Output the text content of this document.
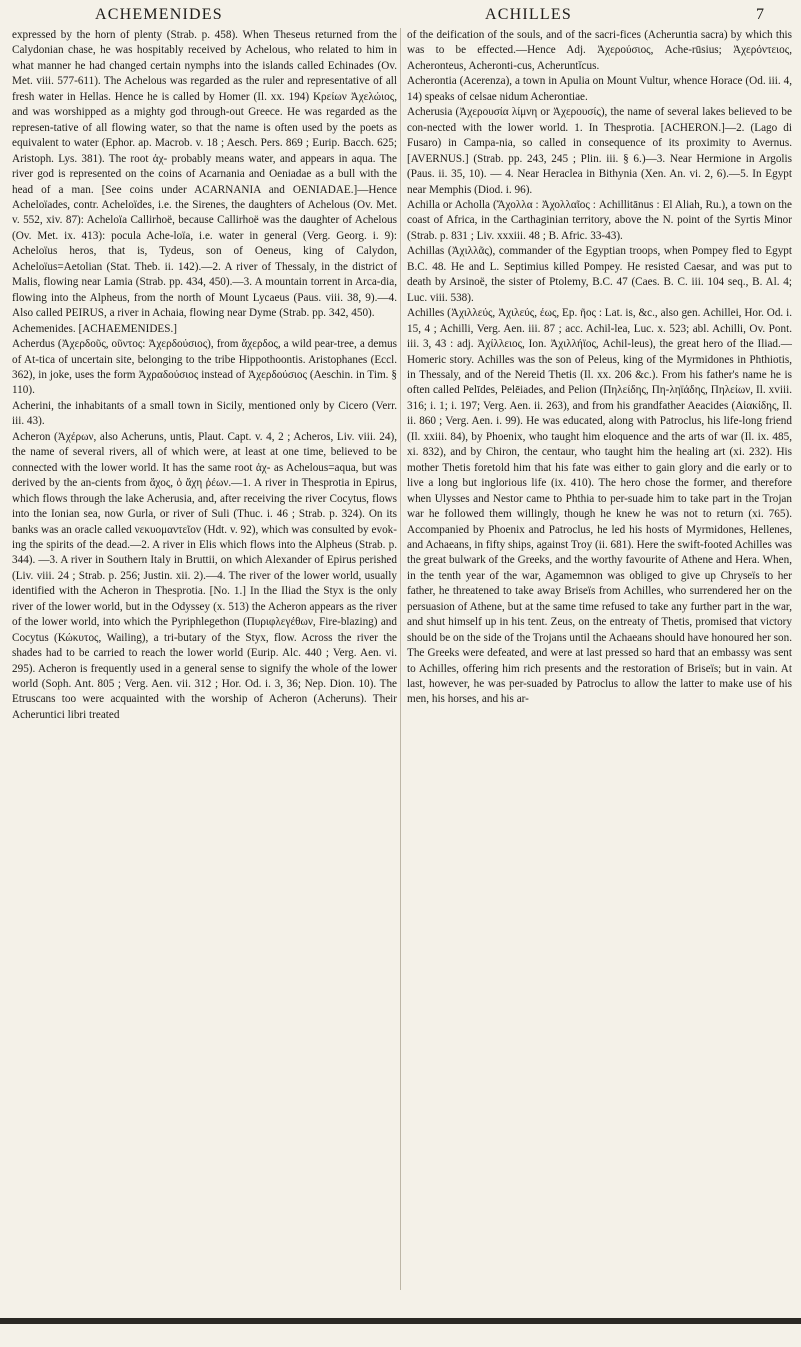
ACHEMENIDES	ACHILLES	7

expressed by the horn of plenty (Strab. p. 458). When Theseus returned from the Calydonian chase, he was hospitably received by Achelous, who related to him in what manner he had changed certain nymphs into the islands called Echinades (Ov. Met. viii. 577-611). The Achelous was regarded as the ruler and representative of all fresh water in Hellas. Hence he is called by Homer (Il. xx. 194) Κρείων Ἀχελώιος, and was worshipped as a mighty god through-out Greece. He was regarded as the represen-tative of all flowing water, so that the name is often used by the poets as equivalent to water (Ephor. ap. Macrob. v. 18 ; Aesch. Pers. 869 ; Eurip. Bacch. 625; Aristoph. Lys. 381). The root ἀχ- probably means water, and appears in aqua. The river god is represented on the coins of Acarnania and Oeniadae as a bull with the head of a man. [See coins under ACARNANIA and OENIADAE.]—Hence Acheloïades, contr. Acheloïdes, i.e. the Sirenes, the daughters of Achelous (Ov. Met. v. 552, xiv. 87): Acheloïa Callirhoë, because Callirhoë was the daughter of Achelous (Ov. Met. ix. 413): pocula Ache-loïa, i.e. water in general (Verg. Georg. i. 9): Acheloïus heros, that is, Tydeus, son of Oeneus, king of Calydon, Acheloïus=Aetolian (Stat. Theb. ii. 142).—2. A river of Thessaly, in the district of Malis, flowing near Lamia (Strab. pp. 434, 450).—3. A mountain torrent in Arca-dia, flowing into the Alpheus, from the north of Mount Lycaeus (Paus. viii. 38, 9).—4. Also called PEIRUS, a river in Achaia, flowing near Dyme (Strab. pp. 342, 450).

Achemenides. [ACHAEMENIDES.]

Acherdus (Ἀχερδοῦς, οῦντος: Ἀχερδούσιος), from ἄχερδος, a wild pear-tree, a demus of At-tica of uncertain site, belonging to the tribe Hippothoontis. Aristophanes (Eccl. 362), in joke, uses the form Ἀχραδούσιος instead of Ἀχερδούσιος (Aeschin. in Tim. § 110).

Acherini, the inhabitants of a small town in Sicily, mentioned only by Cicero (Verr. iii. 43).

Acheron (Ἀχέρων, also Acheruns, untis, Plaut. Capt. v. 4, 2 ; Acheros, Liv. viii. 24), the name of several rivers, all of which were, at least at one time, believed to be connected with the lower world. It has the same root ἀχ- as Achelous=aqua, but was derived by the an-cients from ἄχος, ὁ ἄχη ῥέων.—1. A river in Thesprotia in Epirus, which flows through the lake Acherusia, and, after receiving the river Cocytus, flows into the Ionian sea, now Gurla, or river of Suli (Thuc. i. 46 ; Strab. p. 324). On its banks was an oracle called νεκυομαντεῖον (Hdt. v. 92), which was consulted by evok-ing the spirits of the dead.—2. A river in Elis which flows into the Alpheus (Strab. p. 344). —3. A river in Southern Italy in Bruttii, on which Alexander of Epirus perished (Liv. viii. 24 ; Strab. p. 256; Justin. xii. 2).—4. The river of the lower world, usually identified with the Acheron in Thesprotia. [No. 1.] In the Iliad the Styx is the only river of the lower world, but in the Odyssey (x. 513) the Acheron appears as the river of the lower world, into which the Pyriphlegethon (Πυριφλεγέθων, Fire-blazing) and Cocytus (Κώκυτος, Wailing), a tri-butary of the Styx, flow. Across the river the shades had to be carried to reach the lower world (Eurip. Alc. 440 ; Verg. Aen. vi. 295). Acheron is frequently used in a general sense to signify the whole of the lower world (Soph. Ant. 805 ; Verg. Aen. vii. 312 ; Hor. Od. i. 3, 36; Nep. Dion. 10). The Etruscans too were acquainted with the worship of Acheron (Acheruns). Their Acheruntici libri treated

of the deification of the souls, and of the sacri-fices (Acheruntia sacra) by which this was to be effected.—Hence Adj. Ἀχερούσιος, Ache-rūsius; Ἀχερόντειος, Acheronteus, Acheronti-cus, Acheruntĭcus.

Acherontia (Acerenza), a town in Apulia on Mount Vultur, whence Horace (Od. iii. 4, 14) speaks of celsae nidum Acherontiae.

Acherusia (Ἀχερουσία λίμνη or Ἀχερουσίς), the name of several lakes believed to be con-nected with the lower world. 1. In Thesprotia. [ACHERON.]—2. (Lago di Fusaro) in Campa-nia, so called in consequence of its proximity to Avernus. [AVERNUS.] (Strab. pp. 243, 245 ; Plin. iii. § 6.)—3. Near Hermione in Argolis (Paus. ii. 35, 10). — 4. Near Heraclea in Bithynia (Xen. An. vi. 2, 6).—5. In Egypt near Memphis (Diod. i. 96).

Achilla or Acholla (Ἄχολλα : Ἀχολλαῖος : Achillitānus : El Aliah, Ru.), a town on the coast of Africa, in the Carthaginian territory, above the N. point of the Syrtis Minor (Strab. p. 831 ; Liv. xxxiii. 48 ; B. Afric. 33-43).

Achillas (Ἀχιλλᾶς), commander of the Egyptian troops, when Pompey fled to Egypt B.C. 48. He and L. Septimius killed Pompey. He resisted Caesar, and was put to death by Arsinoë, the sister of Ptolemy, B.C. 47 (Caes. B. C. iii. 104 seq., B. Al. 4; Luc. viii. 538).

Achilles (Ἀχιλλεύς, Ἀχιλεύς, έως, Ep. ῆος : Lat. is, &c., also gen. Achillei, Hor. Od. i. 15, 4 ; Achilli, Verg. Aen. iii. 87 ; acc. Achil-lea, Luc. x. 523; abl. Achilli, Ov. Pont. iii. 3, 43 : adj. Ἀχίλλειος, Ion. Ἀχιλλήϊος, Achil-leus), the great hero of the Iliad.—Homeric story. Achilles was the son of Peleus, king of the Myrmidones in Phthiotis, in Thessaly, and of the Nereid Thetis (Il. xx. 206 &c.). From his father's name he is often called Pelīdes, Pelēiades, and Pelion (Πηλείδης, Πη-ληϊάδης, Πηλείων, Il. xviii. 316; i. 1; i. 197; Verg. Aen. ii. 263), and from his grandfather Aeacides (Αἰακίδης, Il. ii. 860 ; Verg. Aen. i. 99). He was educated, along with Patroclus, his life-long friend (Il. xxiii. 84), by Phoenix, who taught him eloquence and the arts of war (Il. ix. 485, xi. 832), and by Chiron, the centaur, who taught him the healing art (xi. 232). His mother Thetis foretold him that his fate was either to gain glory and die early or to live a long but inglorious life (ix. 410). The hero chose the former, and therefore when Ulysses and Nestor came to Phthia to per-suade him to take part in the Trojan war he followed them willingly, though he knew he was not to return (xi. 765). Accompanied by Phoenix and Patroclus, he led his hosts of Myrmidones, Hellenes, and Achaeans, in fifty ships, against Troy (ii. 681). Here the swift-footed Achilles was the great bulwark of the Greeks, and the worthy favourite of Athene and Hera. When, in the tenth year of the war, Agamemnon was obliged to give up Chryseïs to her father, he threatened to take away Briseïs from Achilles, who surrendered her on the persuasion of Athene, but at the same time refused to take any further part in the war, and shut himself up in his tent. Zeus, on the entreaty of Thetis, promised that victory should be on the side of the Trojans until the Achaeans should have honoured her son. The Greeks were defeated, and were at last pressed so hard that an embassy was sent to Achilles, offering him rich presents and the restoration of Briseïs; but in vain. At last, however, he was per-suaded by Patroclus to allow the latter to make use of his men, his horses, and his ar-
